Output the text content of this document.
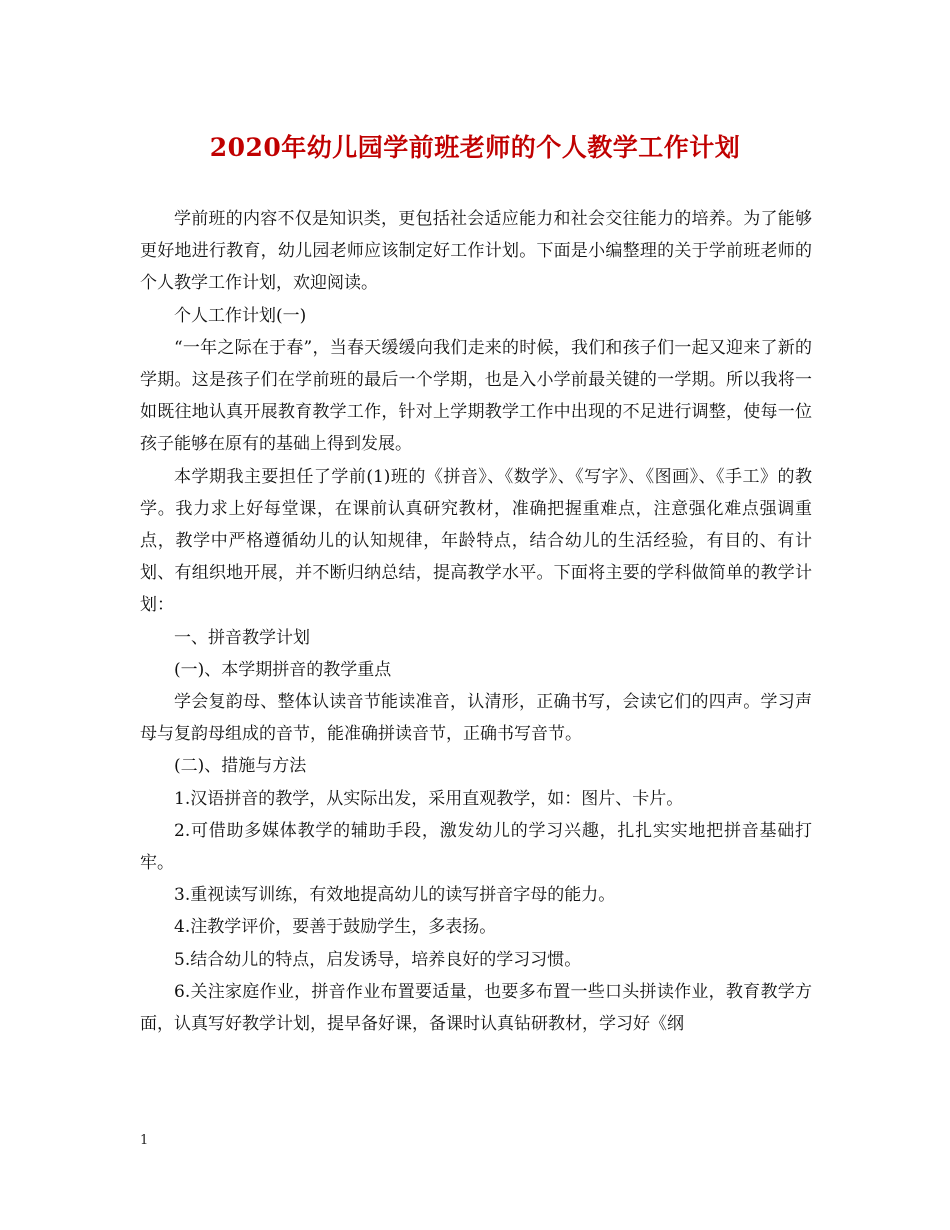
2020年幼儿园学前班老师的个人教学工作计划

学前班的内容不仅是知识类，更包括社会适应能力和社会交往能力的培养。为了能够更好地进行教育，幼儿园老师应该制定好工作计划。下面是小编整理的关于学前班老师的个人教学工作计划，欢迎阅读。

个人工作计划(一)

“一年之际在于春”，当春天缓缓向我们走来的时候，我们和孩子们一起又迎来了新的学期。这是孩子们在学前班的最后一个学期，也是入小学前最关键的一学期。所以我将一如既往地认真开展教育教学工作，针对上学期教学工作中出现的不足进行调整，使每一位孩子能够在原有的基础上得到发展。

本学期我主要担任了学前(1)班的《拼音》、《数学》、《写字》、《图画》、《手工》的教学。我力求上好每堂课，在课前认真研究教材，准确把握重难点，注意强化难点强调重点，教学中严格遵循幼儿的认知规律，年龄特点，结合幼儿的生活经验，有目的、有计划、有组织地开展，并不断归纳总结，提高教学水平。下面将主要的学科做简单的教学计划：

一、拼音教学计划

(一)、本学期拼音的教学重点

学会复韵母、整体认读音节能读准音，认清形，正确书写，会读它们的四声。学习声母与复韵母组成的音节，能准确拼读音节，正确书写音节。

(二)、措施与方法

1.汉语拼音的教学，从实际出发，采用直观教学，如：图片、卡片。

2.可借助多媒体教学的辅助手段，激发幼儿的学习兴趣，扎扎实实地把拼音基础打牢。

3.重视读写训练，有效地提高幼儿的读写拼音字母的能力。

4.注教学评价，要善于鼓励学生，多表扬。

5.结合幼儿的特点，启发诱导，培养良好的学习习惯。

6.关注家庭作业，拼音作业布置要适量，也要多布置一些口头拼读作业，教育教学方面，认真写好教学计划，提早备好课，备课时认真钻研教材，学习好《纲

1
